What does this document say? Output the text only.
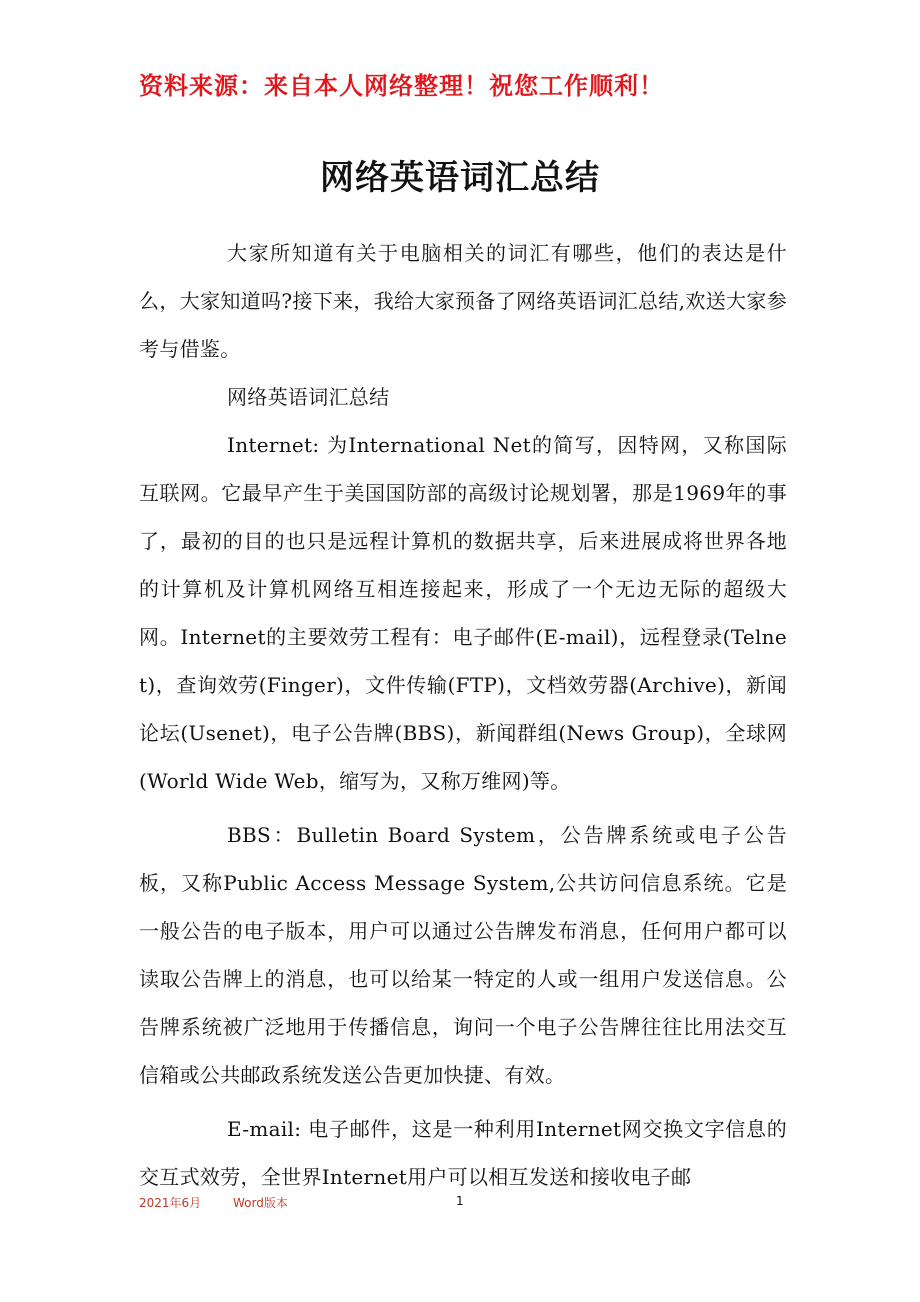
资料来源：来自本人网络整理！祝您工作顺利！
网络英语词汇总结

大家所知道有关于电脑相关的词汇有哪些，他们的表达是什么，大家知道吗?接下来，我给大家预备了网络英语词汇总结,欢送大家参考与借鉴。

网络英语词汇总结

Internet: 为International Net的简写，因特网，又称国际互联网。它最早产生于美国国防部的高级讨论规划署，那是1969年的事了，最初的目的也只是远程计算机的数据共享，后来进展成将世界各地的计算机及计算机网络互相连接起来，形成了一个无边无际的超级大网。Internet的主要效劳工程有：电子邮件(E-mail)，远程登录(Telnet)，查询效劳(Finger)，文件传输(FTP)，文档效劳器(Archive)，新闻论坛(Usenet)，电子公告牌(BBS)，新闻群组(News Group)，全球网(World Wide Web，缩写为，又称万维网)等。

BBS：Bulletin Board System，公告牌系统或电子公告板，又称Public Access Message System,公共访问信息系统。它是一般公告的电子版本，用户可以通过公告牌发布消息，任何用户都可以读取公告牌上的消息，也可以给某一特定的人或一组用户发送信息。公告牌系统被广泛地用于传播信息，询问一个电子公告牌往往比用法交互信箱或公共邮政系统发送公告更加快捷、有效。

E-mail: 电子邮件，这是一种利用Internet网交换文字信息的交互式效劳，全世界Internet用户可以相互发送和接收电子邮

2021年6月	Word版本	1
